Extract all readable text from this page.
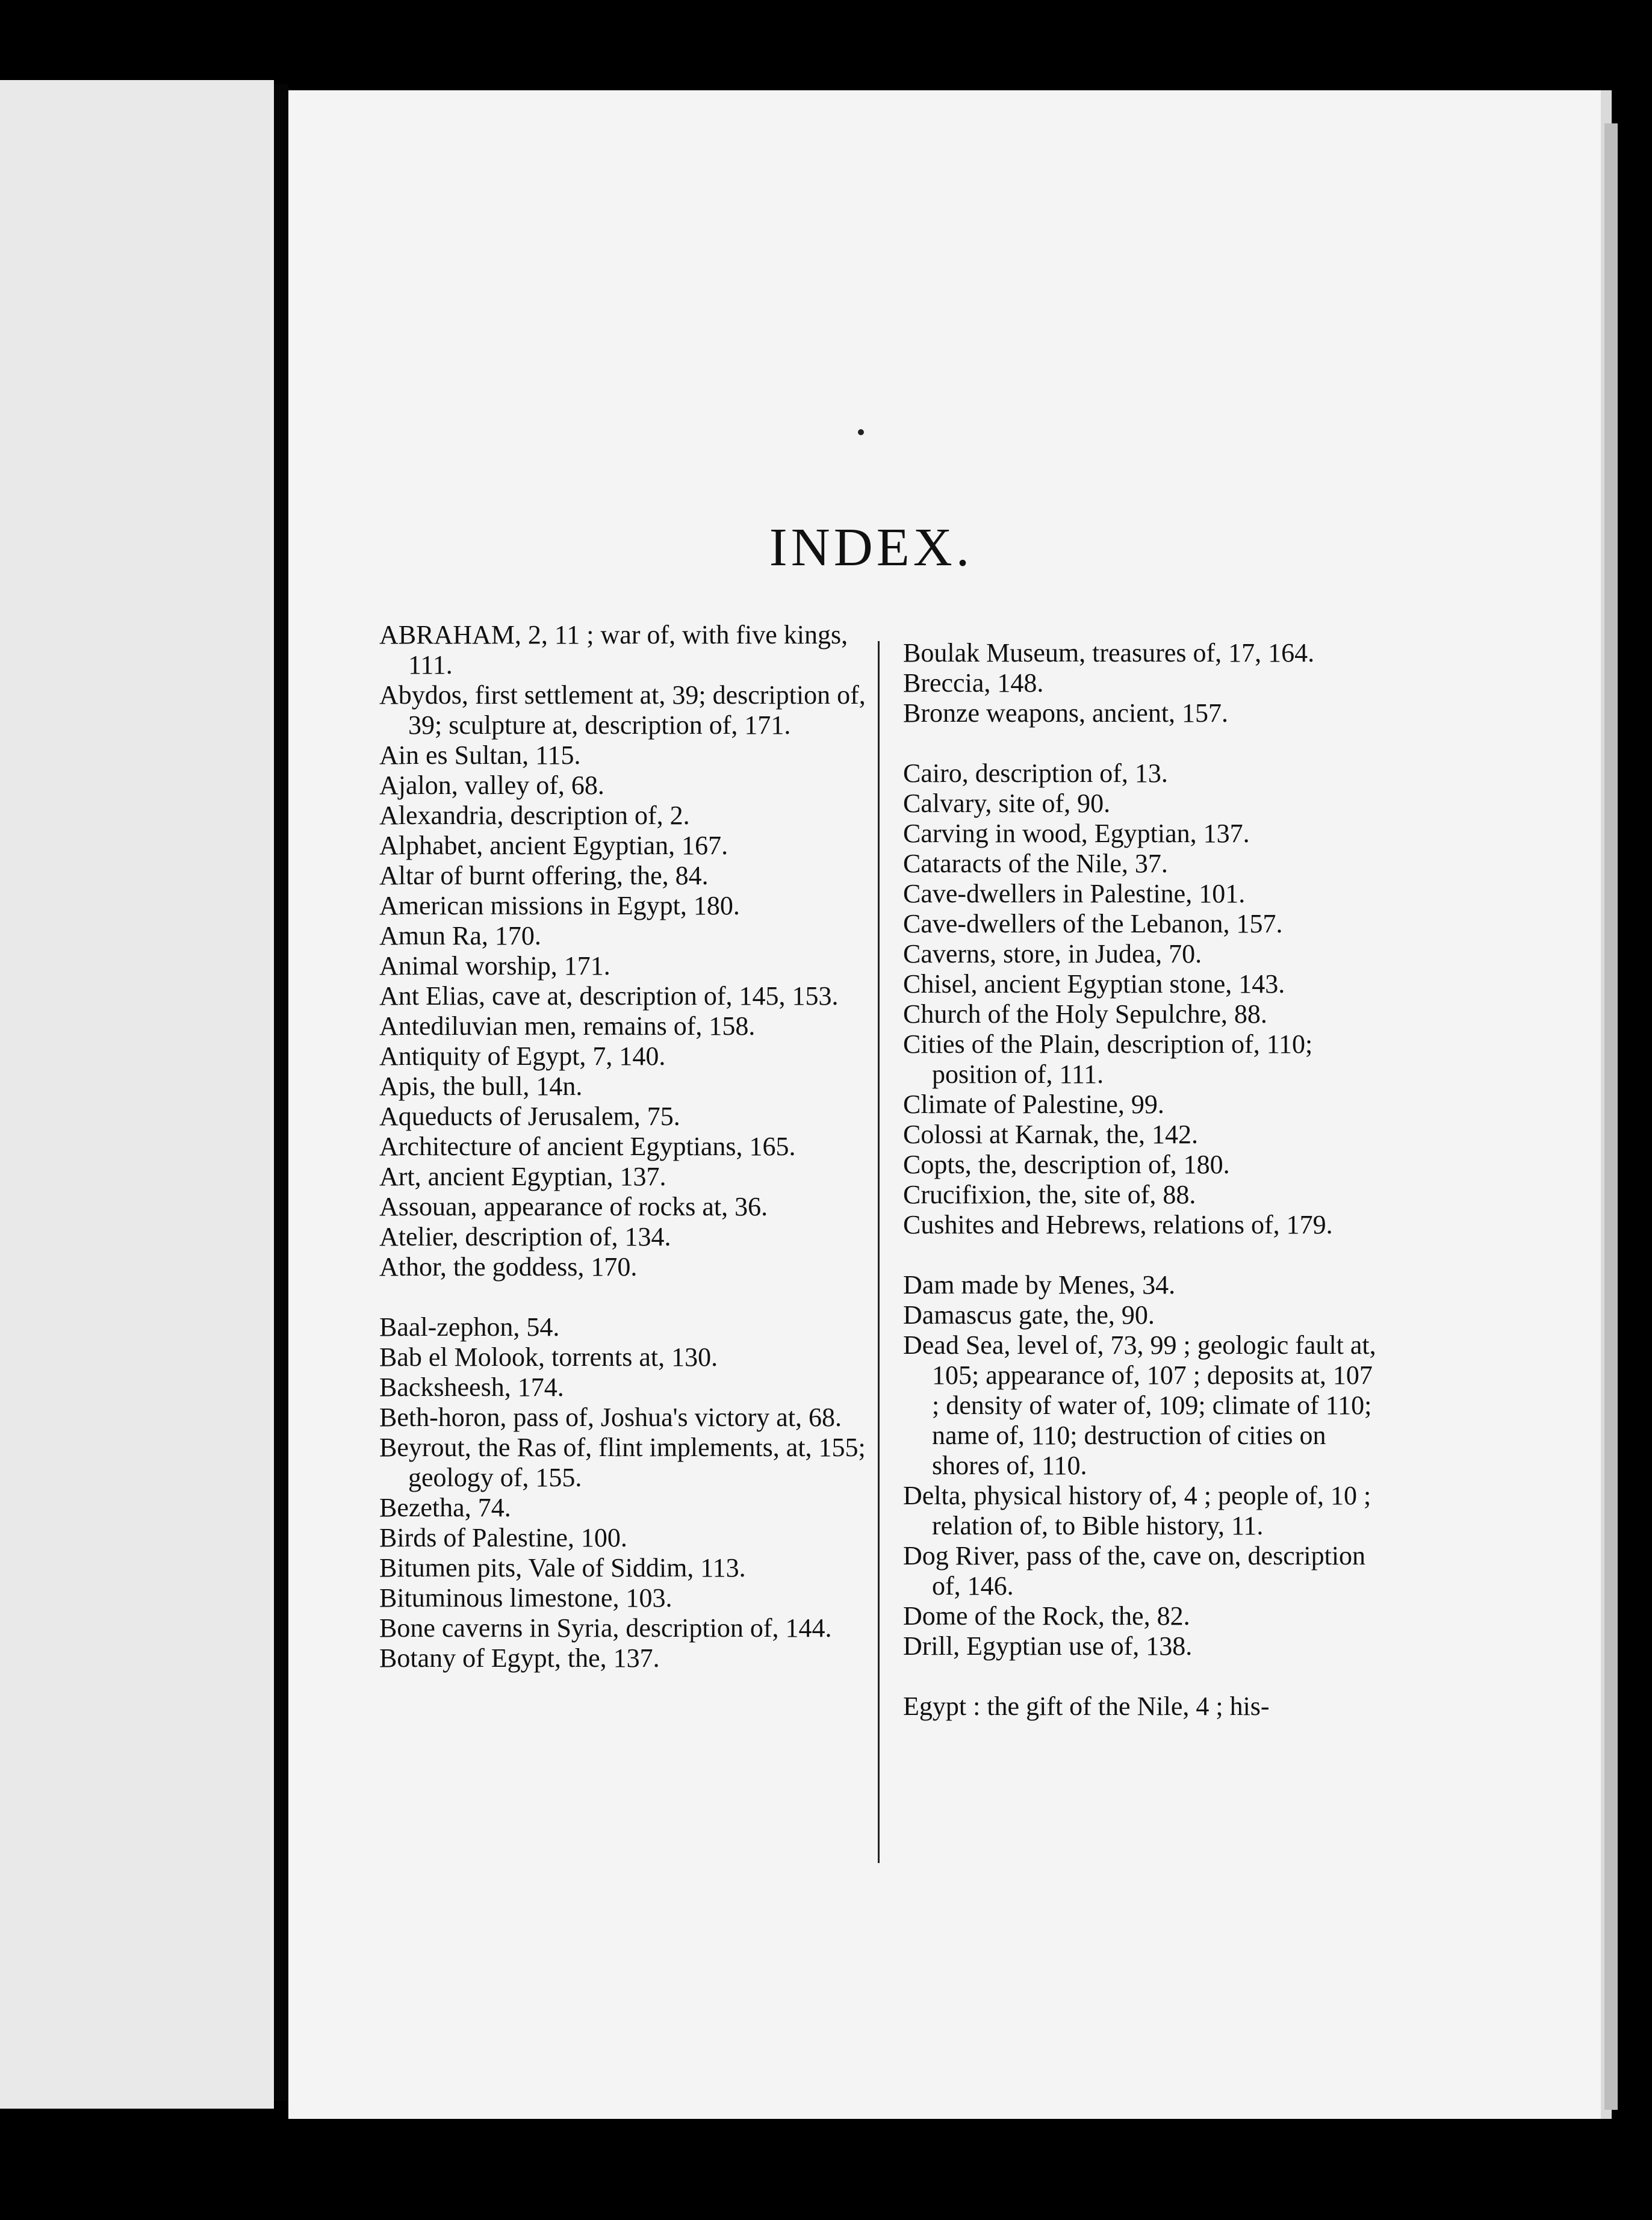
INDEX.

ABRAHAM, 2, 11 ; war of, with five kings, 111.

Abydos, first settlement at, 39; description of, 39; sculpture at, description of, 171.

Ain es Sultan, 115.

Ajalon, valley of, 68.

Alexandria, description of, 2.

Alphabet, ancient Egyptian, 167.

Altar of burnt offering, the, 84.

American missions in Egypt, 180.

Amun Ra, 170.

Animal worship, 171.

Ant Elias, cave at, description of, 145, 153.

Antediluvian men, remains of, 158.

Antiquity of Egypt, 7, 140.

Apis, the bull, 14n.

Aqueducts of Jerusalem, 75.

Architecture of ancient Egyptians, 165.

Art, ancient Egyptian, 137.

Assouan, appearance of rocks at, 36.

Atelier, description of, 134.

Athor, the goddess, 170.

Baal-zephon, 54.

Bab el Molook, torrents at, 130.

Backsheesh, 174.

Beth-horon, pass of, Joshua's victory at, 68.

Beyrout, the Ras of, flint implements, at, 155; geology of, 155.

Bezetha, 74.

Birds of Palestine, 100.

Bitumen pits, Vale of Siddim, 113.

Bituminous limestone, 103.

Bone caverns in Syria, description of, 144.

Botany of Egypt, the, 137.

Boulak Museum, treasures of, 17, 164.

Breccia, 148.

Bronze weapons, ancient, 157.

Cairo, description of, 13.

Calvary, site of, 90.

Carving in wood, Egyptian, 137.

Cataracts of the Nile, 37.

Cave-dwellers in Palestine, 101.

Cave-dwellers of the Lebanon, 157.

Caverns, store, in Judea, 70.

Chisel, ancient Egyptian stone, 143.

Church of the Holy Sepulchre, 88.

Cities of the Plain, description of, 110; position of, 111.

Climate of Palestine, 99.

Colossi at Karnak, the, 142.

Copts, the, description of, 180.

Crucifixion, the, site of, 88.

Cushites and Hebrews, relations of, 179.

Dam made by Menes, 34.

Damascus gate, the, 90.

Dead Sea, level of, 73, 99 ; geologic fault at, 105; appearance of, 107 ; deposits at, 107 ; density of water of, 109; climate of 110; name of, 110; destruction of cities on shores of, 110.

Delta, physical history of, 4 ; people of, 10 ; relation of, to Bible history, 11.

Dog River, pass of the, cave on, description of, 146.

Dome of the Rock, the, 82.

Drill, Egyptian use of, 138.

Egypt : the gift of the Nile, 4 ; his-
